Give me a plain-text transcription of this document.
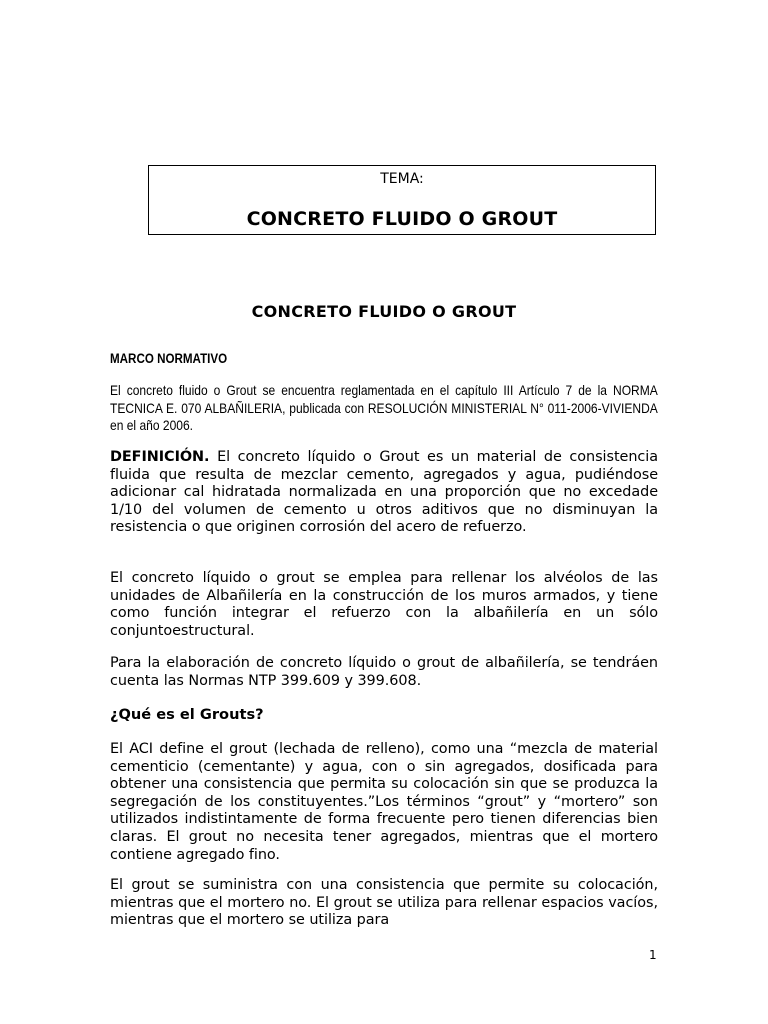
TEMA:
CONCRETO FLUIDO O GROUT
CONCRETO FLUIDO O GROUT
MARCO NORMATIVO

El concreto fluido o Grout se encuentra reglamentada en el capítulo III Artículo 7 de la NORMA TECNICA E. 070 ALBAÑILERIA, publicada con RESOLUCIÓN MINISTERIAL N° 011-2006-VIVIENDA en el año 2006.

DEFINICIÓN. El concreto líquido o Grout es un material de consistencia fluida que resulta de mezclar cemento, agregados y agua, pudiéndose adicionar cal hidratada normalizada en una proporción que no excedade 1/10 del volumen de cemento u otros aditivos que no disminuyan la resistencia o que originen corrosión del acero de refuerzo.

El concreto líquido o grout se emplea para rellenar los alvéolos de las unidades de Albañilería en la construcción de los muros armados, y tiene como función integrar el refuerzo con la albañilería en un sólo conjuntoestructural.

Para la elaboración de concreto líquido o grout de albañilería, se tendráen cuenta las Normas NTP 399.609 y 399.608.

¿Qué es el Grouts?

El ACI define el grout (lechada de relleno), como una “mezcla de material cementicio (cementante) y agua, con o sin agregados, dosificada para obtener una consistencia que permita su colocación sin que se produzca la segregación de los constituyentes.”Los términos “grout” y “mortero” son utilizados indistintamente de forma frecuente pero tienen diferencias bien claras. El grout no necesita tener agregados, mientras que el mortero contiene agregado fino.

El grout se suministra con una consistencia que permite su colocación, mientras que el mortero no. El grout se utiliza para rellenar espacios vacíos, mientras que el mortero se utiliza para

1
